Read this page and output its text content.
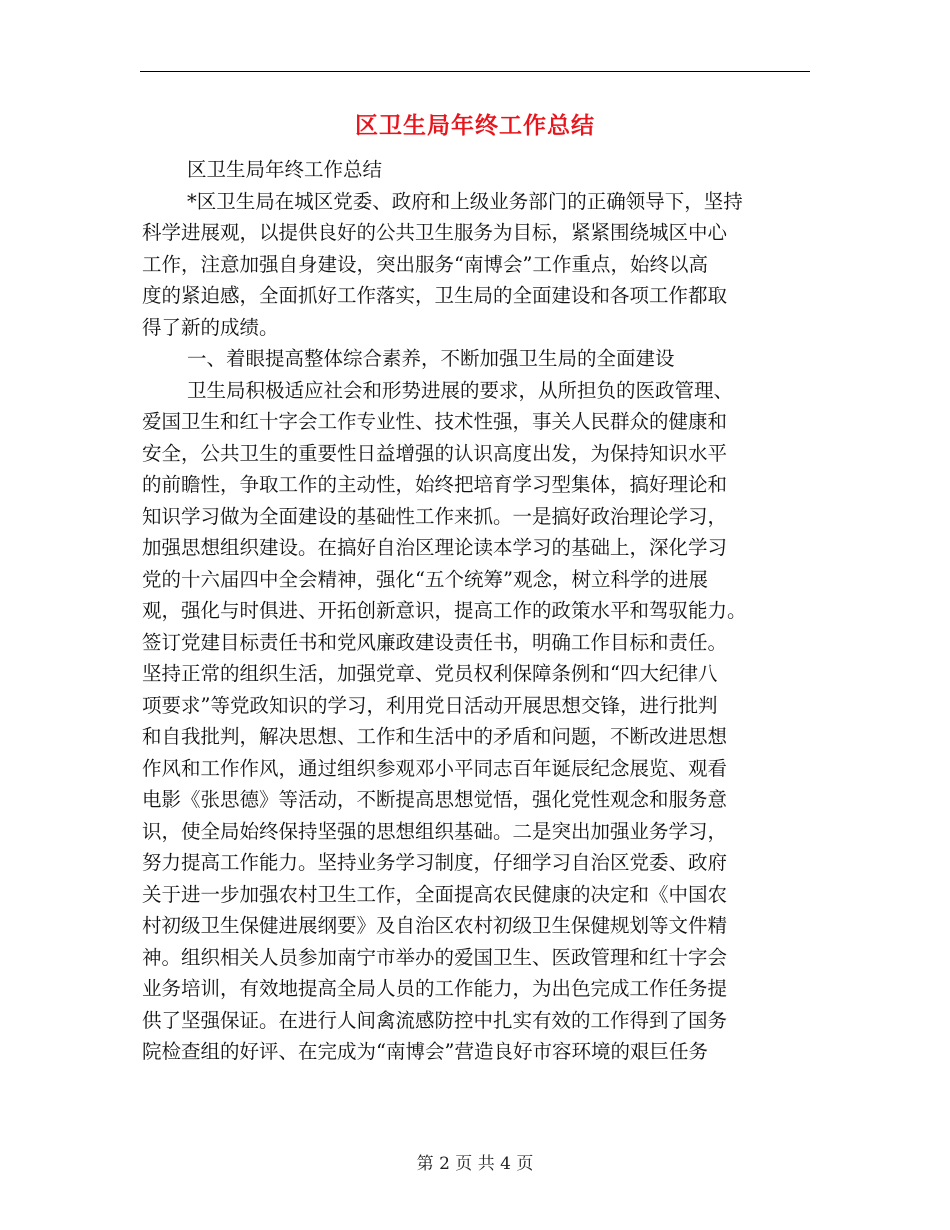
区卫生局年终工作总结
区卫生局年终工作总结
*区卫生局在城区党委、政府和上级业务部门的正确领导下，坚持
科学进展观，以提供良好的公共卫生服务为目标，紧紧围绕城区中心
工作，注意加强自身建设，突出服务“南博会”工作重点，始终以高
度的紧迫感，全面抓好工作落实，卫生局的全面建设和各项工作都取
得了新的成绩。
一、着眼提高整体综合素养，不断加强卫生局的全面建设
卫生局积极适应社会和形势进展的要求，从所担负的医政管理、
爱国卫生和红十字会工作专业性、技术性强，事关人民群众的健康和
安全，公共卫生的重要性日益增强的认识高度出发，为保持知识水平
的前瞻性，争取工作的主动性，始终把培育学习型集体，搞好理论和
知识学习做为全面建设的基础性工作来抓。一是搞好政治理论学习，
加强思想组织建设。在搞好自治区理论读本学习的基础上，深化学习
党的十六届四中全会精神，强化“五个统筹”观念，树立科学的进展
观，强化与时俱进、开拓创新意识，提高工作的政策水平和驾驭能力。
签订党建目标责任书和党风廉政建设责任书，明确工作目标和责任。
坚持正常的组织生活，加强党章、党员权利保障条例和“四大纪律八
项要求”等党政知识的学习，利用党日活动开展思想交锋，进行批判
和自我批判，解决思想、工作和生活中的矛盾和问题，不断改进思想
作风和工作作风，通过组织参观邓小平同志百年诞辰纪念展览、观看
电影《张思德》等活动，不断提高思想觉悟，强化党性观念和服务意
识，使全局始终保持坚强的思想组织基础。二是突出加强业务学习，
努力提高工作能力。坚持业务学习制度，仔细学习自治区党委、政府
关于进一步加强农村卫生工作，全面提高农民健康的决定和《中国农
村初级卫生保健进展纲要》及自治区农村初级卫生保健规划等文件精
神。组织相关人员参加南宁市举办的爱国卫生、医政管理和红十字会
业务培训，有效地提高全局人员的工作能力，为出色完成工作任务提
供了坚强保证。在进行人间禽流感防控中扎实有效的工作得到了国务
院检查组的好评、在完成为“南博会”营造良好市容环境的艰巨任务
第 2 页 共 4 页
